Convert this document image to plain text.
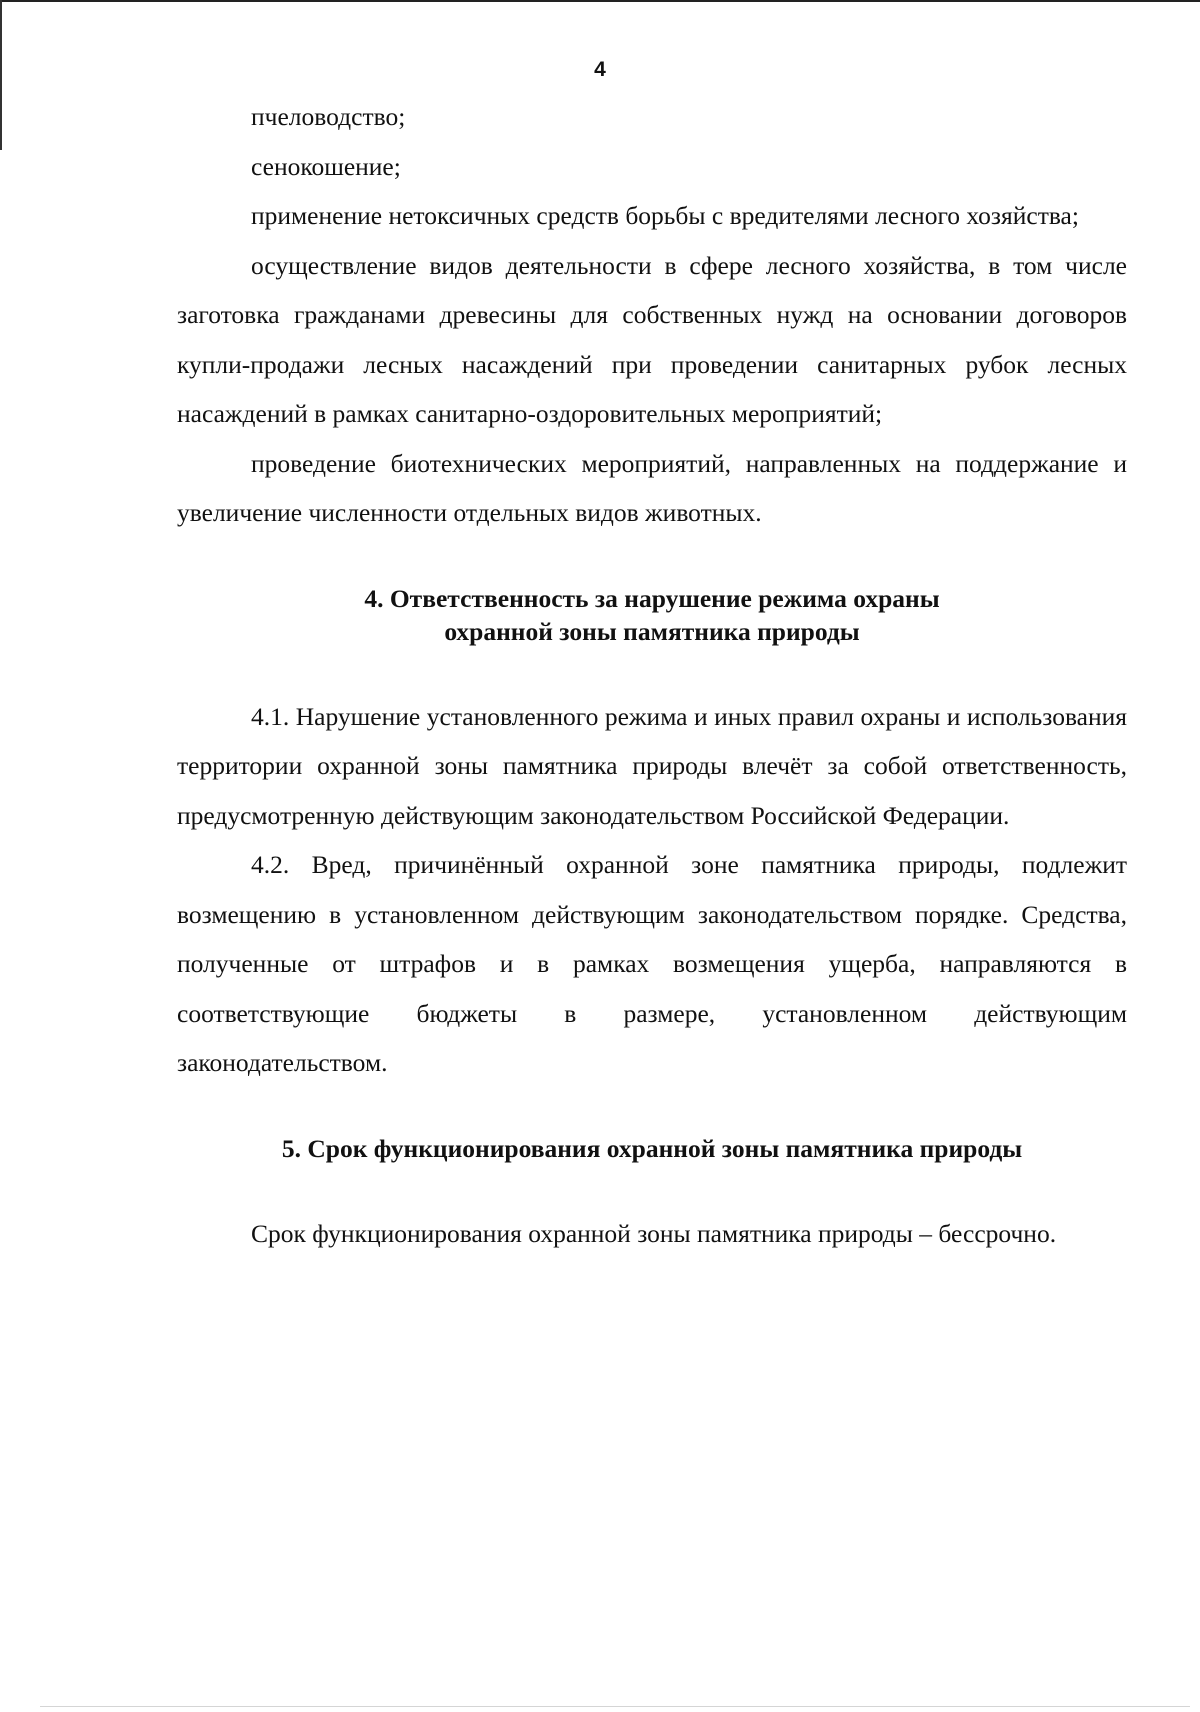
4

пчеловодство;

сенокошение;

применение нетоксичных средств борьбы с вредителями лесного хозяйства;

осуществление видов деятельности в сфере лесного хозяйства, в том числе заготовка гражданами древесины для собственных нужд на основании договоров купли-продажи лесных насаждений при проведении санитарных рубок лесных насаждений в рамках санитарно-оздоровительных мероприятий;

проведение биотехнических мероприятий, направленных на поддержание и увеличение численности отдельных видов животных.

4. Ответственность за нарушение режима охраны
охранной зоны памятника природы

4.1. Нарушение установленного режима и иных правил охраны и использования территории охранной зоны памятника природы влечёт за собой ответственность, предусмотренную действующим законодательством Российской Федерации.

4.2. Вред, причинённый охранной зоне памятника природы, подлежит возмещению в установленном действующим законодательством порядке. Средства, полученные от штрафов и в рамках возмещения ущерба, направляются в соответствующие бюджеты в размере, установленном действующим законодательством.

5. Срок функционирования охранной зоны памятника природы

Срок функционирования охранной зоны памятника природы – бессрочно.
